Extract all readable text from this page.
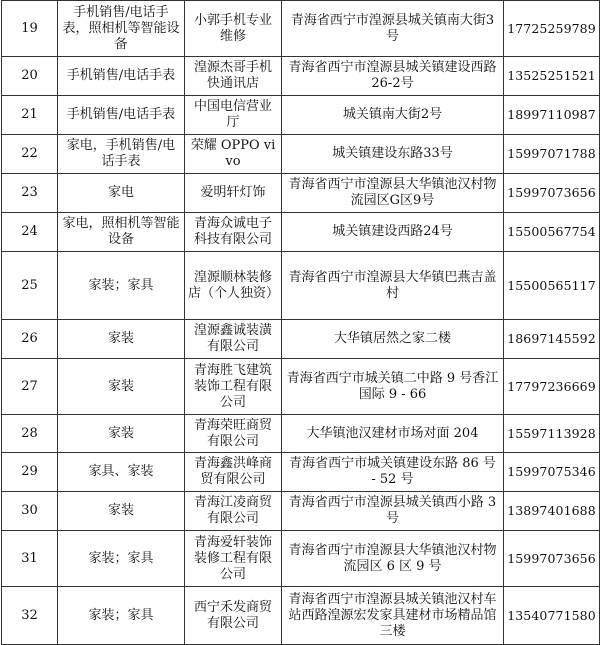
19	手机销售/电话手表，照相机等智能设备	小郭手机专业维修	青海省西宁市湟源县城关镇南大街3号	17725259789
20	手机销售/电话手表	湟源杰哥手机快通讯店	青海省西宁市湟源县城关镇建设西路26-2号	13525251521
21	手机销售/电话手表	中国电信营业厅	城关镇南大街2号	18997110987
22	家电，手机销售/电话手表	荣耀 OPPO vivo	城关镇建设东路33号	15997071788
23	家电	爱明轩灯饰	青海省西宁市湟源县大华镇池汉村物流园区G区9号	15997073656
24	家电，照相机等智能设备	青海众诚电子科技有限公司	城关镇建设西路24号	15500567754
25	家装；家具	湟源顺林装修店（个人独资）	青海省西宁市湟源县大华镇巴燕吉盖村	15500565117
26	家装	湟源鑫诚装潢有限公司	大华镇居然之家二楼	18697145592
27	家装	青海胜飞建筑装饰工程有限公司	青海省西宁市城关镇二中路 9 号香江国际 9 - 66	17797236669
28	家装	青海荣旺商贸有限公司	大华镇池汉建材市场对面 204	15597113928
29	家具、家装	青海鑫洪峰商贸有限公司	青海省西宁市城关镇建设东路 86 号 - 52 号	15997075346
30	家装	青海江凌商贸有限公司	青海省西宁市湟源县城关镇西小路 3 号	13897401688
31	家装；家具	青海爱轩装饰装修工程有限公司	青海省西宁市湟源县大华镇池汉村物流园区 6 区 9 号	15997073656
32	家装；家具	西宁禾发商贸有限公司	青海省西宁市湟源县城关镇池汉村车站西路湟源宏发家具建材市场精品馆三楼	13540771580
